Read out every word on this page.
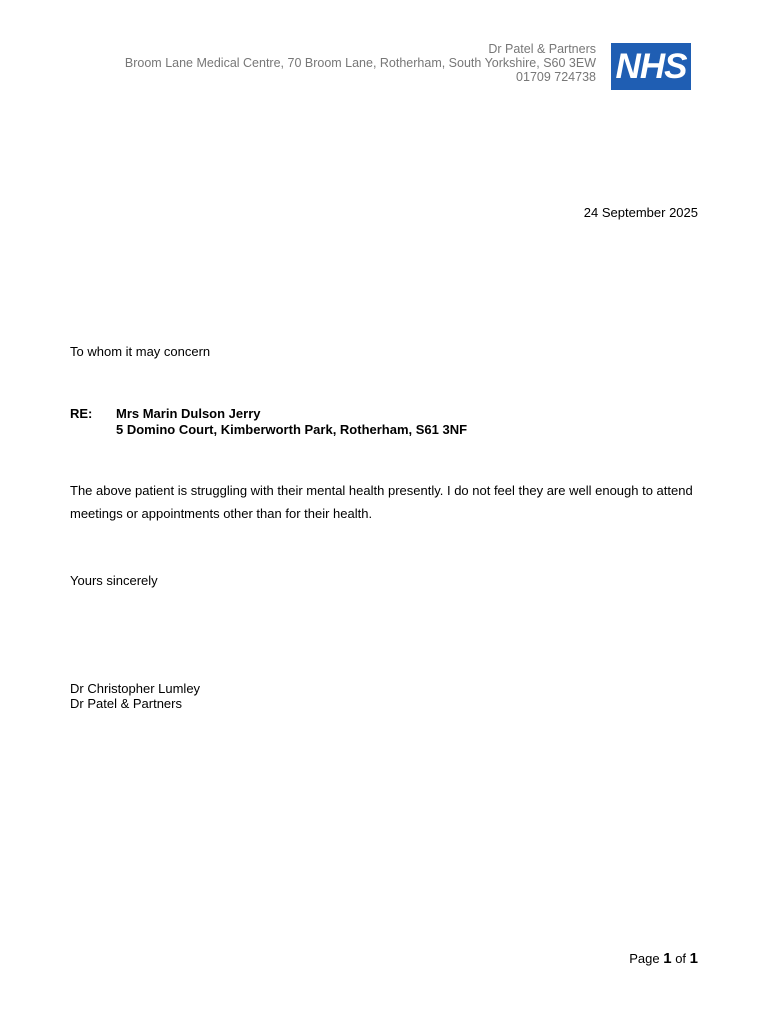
Dr Patel & Partners
Broom Lane Medical Centre, 70 Broom Lane, Rotherham, South Yorkshire, S60 3EW
01709 724738 NHS
24 September 2025
To whom it may concern
RE: Mrs Marin Dulson Jerry
5 Domino Court, Kimberworth Park, Rotherham, S61 3NF
The above patient is struggling with their mental health presently. I do not feel they are well enough to attend meetings or appointments other than for their health.
Yours sincerely
Dr Christopher Lumley
Dr Patel & Partners
Page 1 of 1
